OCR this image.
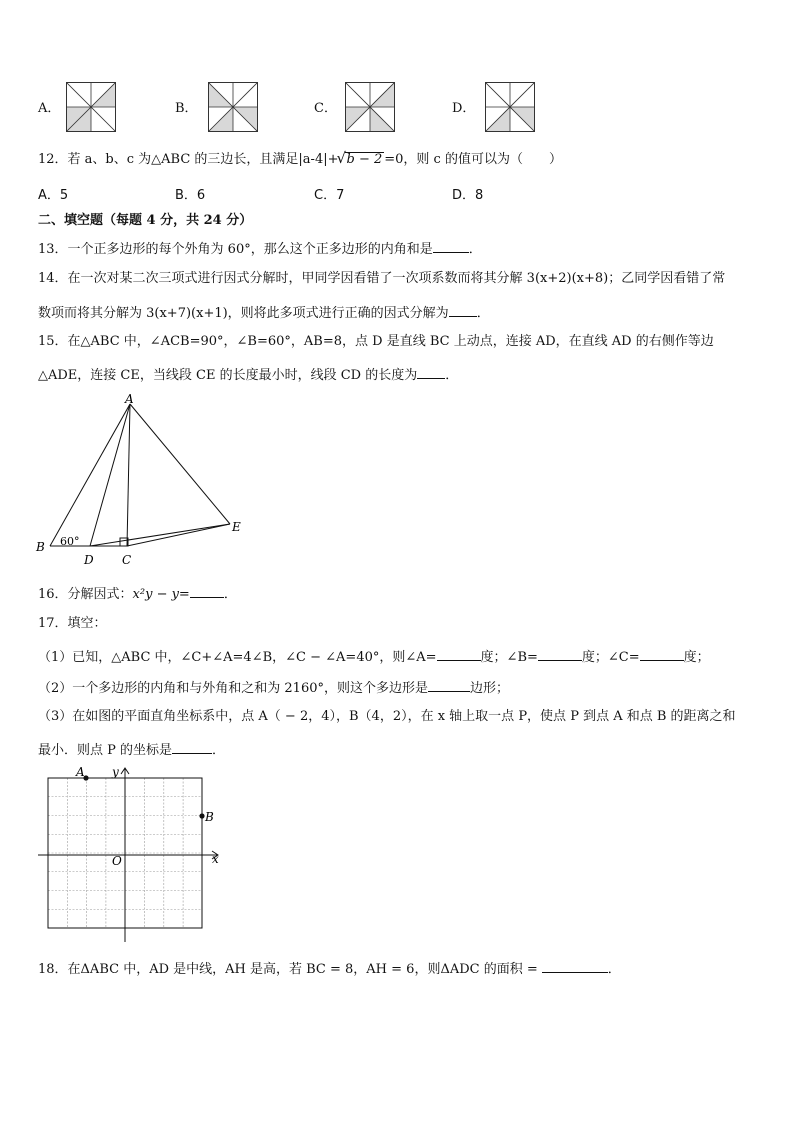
A．	B．	C．	D．
12．若 a、b、c 为△ABC 的三边长，且满足|a-4|+
√ b − 2 =0，则 c 的值可以为（　　）
A．5	B．6	C．7	D．8
二、填空题（每题 4 分，共 24 分）
13．一个正多边形的每个外角为 60°，那么这个正多边形的内角和是	．
14．在一次对某二次三项式进行因式分解时，甲同学因看错了一次项系数而将其分解 3(x+2)(x+8)；乙同学因看错了常
数项而将其分解为 3(x+7)(x+1)，则将此多项式进行正确的因式分解为 ．
15．在△ABC 中，∠ACB=90°，∠B=60°，AB=8，点 D 是直线 BC 上动点，连接 AD，在直线 AD 的右侧作等边
△ADE，连接 CE，当线段 CE 的长度最小时，线段 CD 的长度为 ．
A
B
D C
E
60°
16．分解因式：x²y − y=	．
17．填空：
（1）已知，△ABC 中，∠C+∠A=4∠B，∠C − ∠A=40°，则∠A=	度；∠B=	度；∠C=	度；
（2）一个多边形的内角和与外角和之和为 2160°，则这个多边形是	边形；
（3）在如图的平面直角坐标系中，点 A（ − 2，4），B（4，2），在 x 轴上取一点 P，使点 P 到点 A 和点 B 的距离之和
最小．则点 P 的坐标是	．
A
B
O	x
y
18．在ΔABC 中，AD 是中线，AH 是高，若 BC = 8，AH = 6，则ΔADC 的面积 =	．
